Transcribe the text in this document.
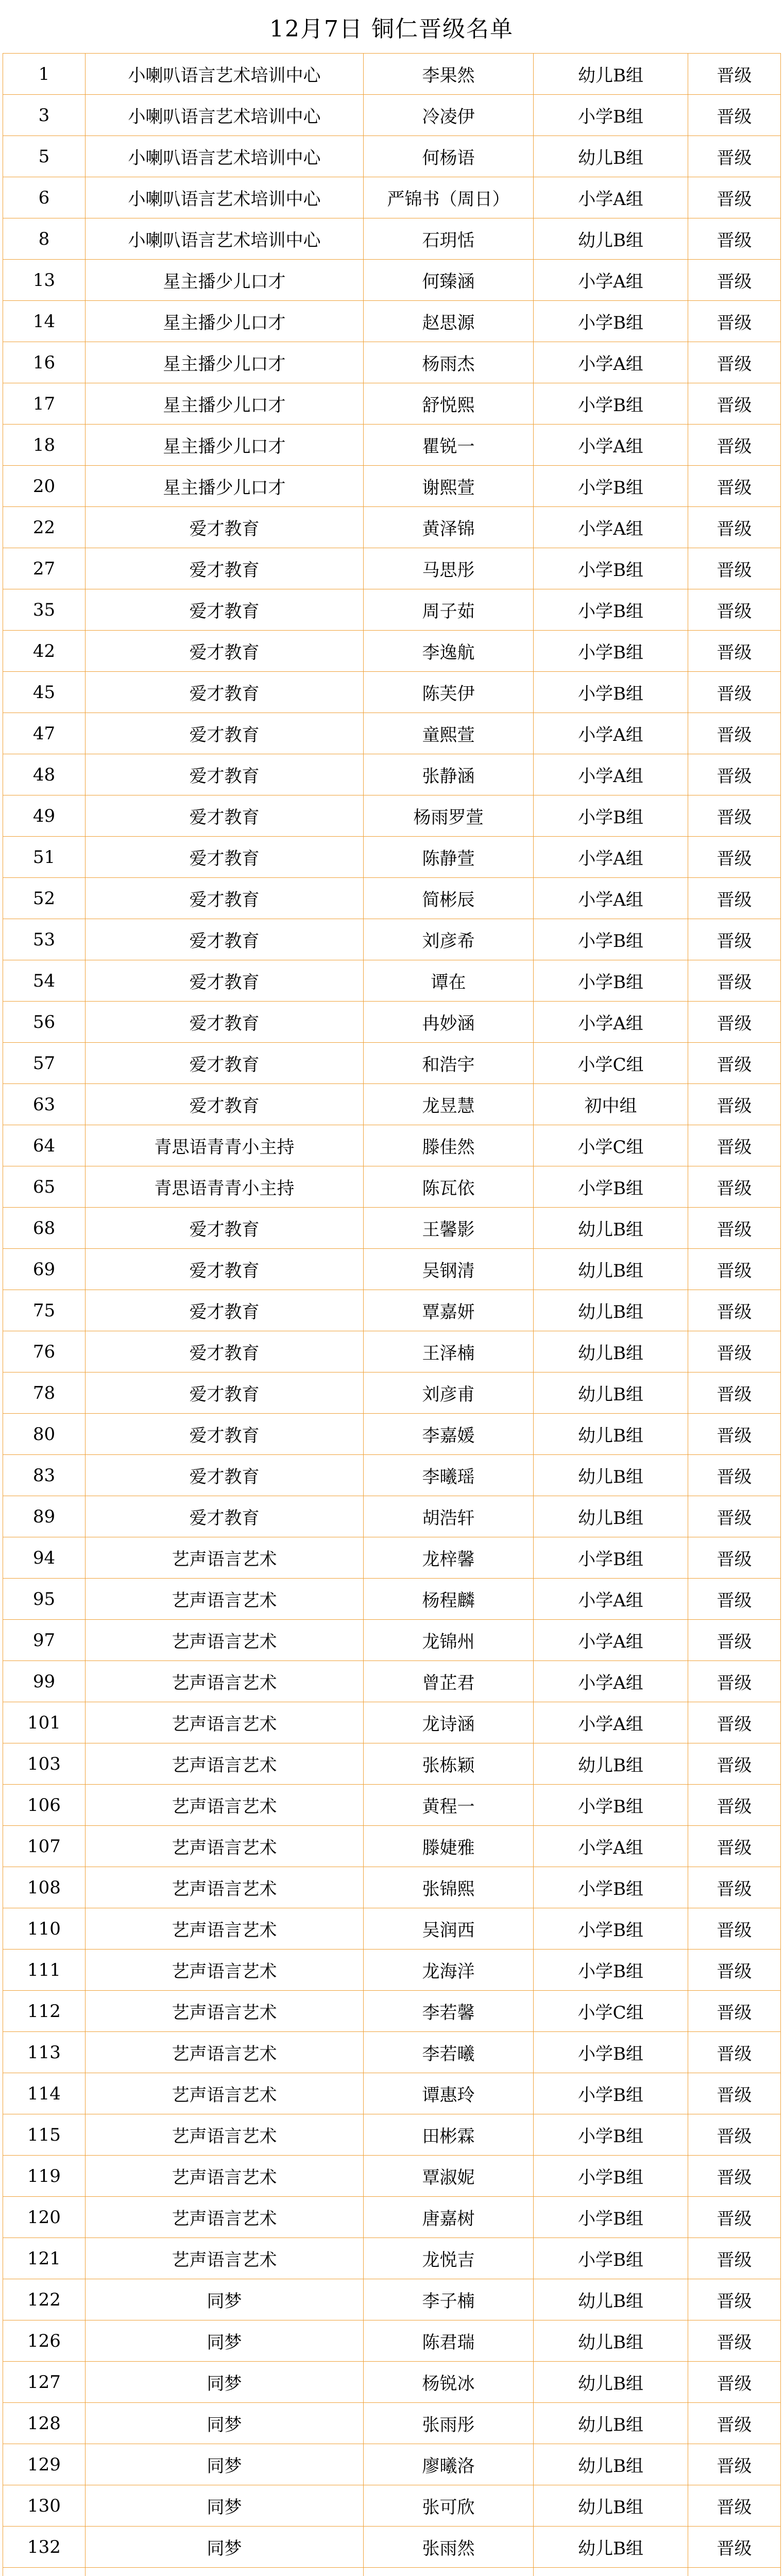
12月7日 铜仁晋级名单
1	小喇叭语言艺术培训中心	李果然	幼儿B组	晋级
3	小喇叭语言艺术培训中心	冷凌伊	小学B组	晋级
5	小喇叭语言艺术培训中心	何杨语	幼儿B组	晋级
6	小喇叭语言艺术培训中心	严锦书（周日）	小学A组	晋级
8	小喇叭语言艺术培训中心	石玥恬	幼儿B组	晋级
13	星主播少儿口才	何臻涵	小学A组	晋级
14	星主播少儿口才	赵思源	小学B组	晋级
16	星主播少儿口才	杨雨杰	小学A组	晋级
17	星主播少儿口才	舒悦熙	小学B组	晋级
18	星主播少儿口才	瞿锐一	小学A组	晋级
20	星主播少儿口才	谢熙萱	小学B组	晋级
22	爱才教育	黄泽锦	小学A组	晋级
27	爱才教育	马思彤	小学B组	晋级
35	爱才教育	周子茹	小学B组	晋级
42	爱才教育	李逸航	小学B组	晋级
45	爱才教育	陈芙伊	小学B组	晋级
47	爱才教育	童熙萱	小学A组	晋级
48	爱才教育	张静涵	小学A组	晋级
49	爱才教育	杨雨罗萱	小学B组	晋级
51	爱才教育	陈静萱	小学A组	晋级
52	爱才教育	简彬辰	小学A组	晋级
53	爱才教育	刘彦希	小学B组	晋级
54	爱才教育	谭在	小学B组	晋级
56	爱才教育	冉妙涵	小学A组	晋级
57	爱才教育	和浩宇	小学C组	晋级
63	爱才教育	龙昱慧	初中组	晋级
64	青思语青青小主持	滕佳然	小学C组	晋级
65	青思语青青小主持	陈瓦依	小学B组	晋级
68	爱才教育	王馨影	幼儿B组	晋级
69	爱才教育	吴钢清	幼儿B组	晋级
75	爱才教育	覃嘉妍	幼儿B组	晋级
76	爱才教育	王泽楠	幼儿B组	晋级
78	爱才教育	刘彦甫	幼儿B组	晋级
80	爱才教育	李嘉媛	幼儿B组	晋级
83	爱才教育	李曦瑶	幼儿B组	晋级
89	爱才教育	胡浩轩	幼儿B组	晋级
94	艺声语言艺术	龙梓馨	小学B组	晋级
95	艺声语言艺术	杨程麟	小学A组	晋级
97	艺声语言艺术	龙锦州	小学A组	晋级
99	艺声语言艺术	曾芷君	小学A组	晋级
101	艺声语言艺术	龙诗涵	小学A组	晋级
103	艺声语言艺术	张栋颖	幼儿B组	晋级
106	艺声语言艺术	黄程一	小学B组	晋级
107	艺声语言艺术	滕婕雅	小学A组	晋级
108	艺声语言艺术	张锦熙	小学B组	晋级
110	艺声语言艺术	吴润西	小学B组	晋级
111	艺声语言艺术	龙海洋	小学B组	晋级
112	艺声语言艺术	李若馨	小学C组	晋级
113	艺声语言艺术	李若曦	小学B组	晋级
114	艺声语言艺术	谭惠玲	小学B组	晋级
115	艺声语言艺术	田彬霖	小学B组	晋级
119	艺声语言艺术	覃淑妮	小学B组	晋级
120	艺声语言艺术	唐嘉树	小学B组	晋级
121	艺声语言艺术	龙悦吉	小学B组	晋级
122	同梦	李子楠	幼儿B组	晋级
126	同梦	陈君瑞	幼儿B组	晋级
127	同梦	杨锐冰	幼儿B组	晋级
128	同梦	张雨彤	幼儿B组	晋级
129	同梦	廖曦洛	幼儿B组	晋级
130	同梦	张可欣	幼儿B组	晋级
132	同梦	张雨然	幼儿B组	晋级
